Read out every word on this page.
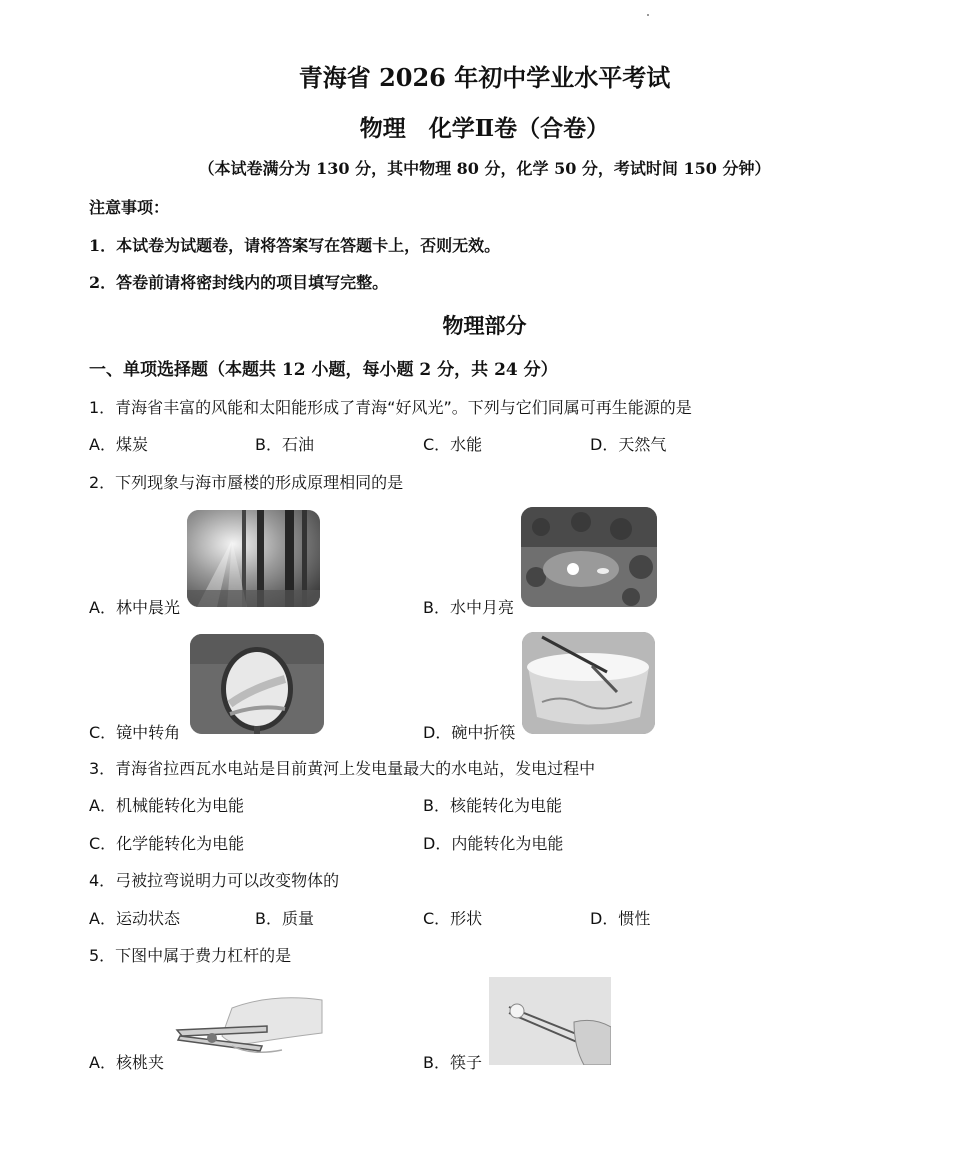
青海省 2026 年初中学业水平考试
物理　化学Ⅱ卷（合卷）
（本试卷满分为 130 分，其中物理 80 分，化学 50 分，考试时间 150 分钟）
注意事项：
1．本试卷为试题卷，请将答案写在答题卡上，否则无效。
2．答卷前请将密封线内的项目填写完整。
物理部分
一、单项选择题（本题共 12 小题，每小题 2 分，共 24 分）
1．青海省丰富的风能和太阳能形成了青海“好风光”。下列与它们同属可再生能源的是
A．煤炭	B．石油	C．水能	D．天然气
2．下列现象与海市蜃楼的形成原理相同的是
A．林中晨光	B．水中月亮
C．镜中转角	D．碗中折筷
3．青海省拉西瓦水电站是目前黄河上发电量最大的水电站，发电过程中
A．机械能转化为电能	B．核能转化为电能
C．化学能转化为电能	D．内能转化为电能
4．弓被拉弯说明力可以改变物体的
A．运动状态	B．质量	C．形状	D．惯性
5．下图中属于费力杠杆的是
A．核桃夹	B．筷子
